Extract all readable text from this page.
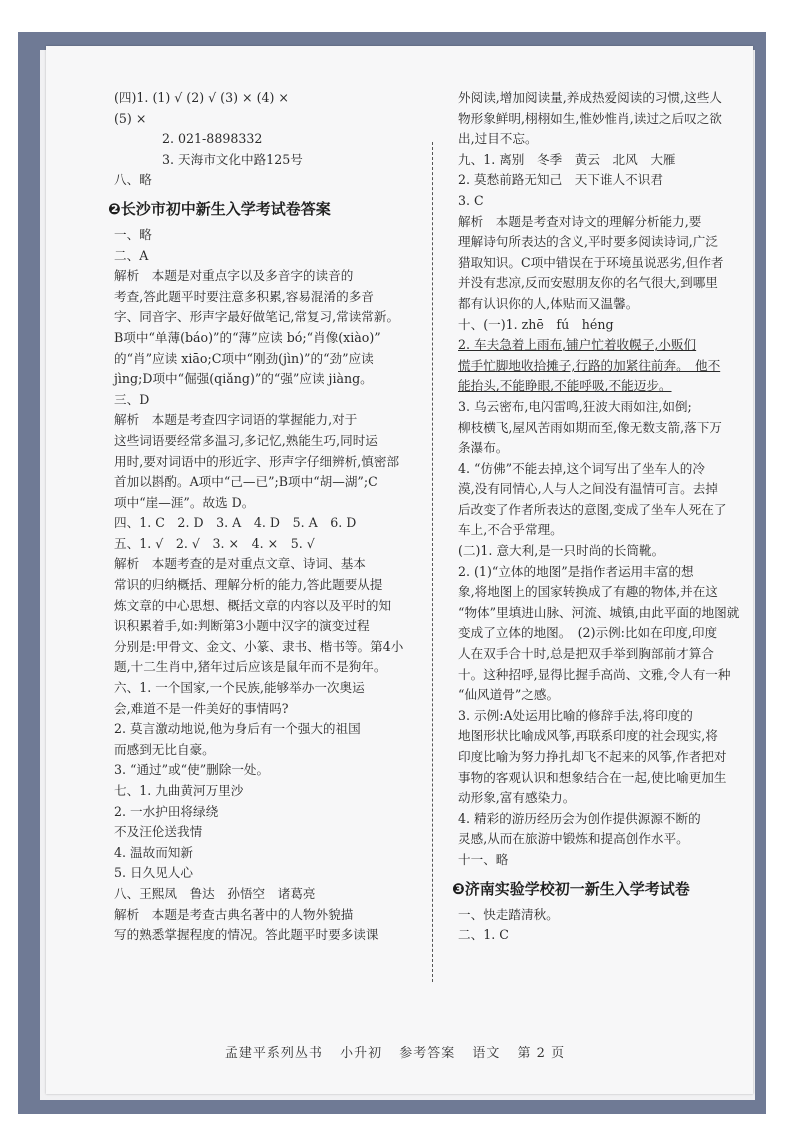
(四)1. (1) √ (2) √ (3) × (4) ×

(5) ×

2. 021-8898332

3. 天海市文化中路125号

八、略

❷长沙市初中新生入学考试卷答案

一、略

二、A

解析　本题是对重点字以及多音字的读音的

考查,答此题平时要注意多积累,容易混淆的多音

字、同音字、形声字最好做笔记,常复习,常读常新。

B项中“单薄(báo)”的“薄”应读 bó;“肖像(xiào)”

的“肖”应读 xiāo;C项中“刚劲(jìn)”的“劲”应读

jìng;D项中“倔强(qiǎng)”的“强”应读 jiàng。

三、D

解析　本题是考查四字词语的掌握能力,对于

这些词语要经常多温习,多记忆,熟能生巧,同时运

用时,要对词语中的形近字、形声字仔细辨析,慎密部

首加以斟酌。A项中“己—已”;B项中“胡—湖”;C

项中“崖—涯”。故选 D。

四、1. C　2. D　3. A　4. D　5. A　6. D

五、1. √　2. √　3. ×　4. ×　5. √

解析　本题考查的是对重点文章、诗词、基本

常识的归纳概括、理解分析的能力,答此题要从提

炼文章的中心思想、概括文章的内容以及平时的知

识积累着手,如:判断第3小题中汉字的演变过程

分别是:甲骨文、金文、小篆、隶书、楷书等。第4小

题,十二生肖中,猪年过后应该是鼠年而不是狗年。

六、1. 一个国家,一个民族,能够举办一次奥运

会,难道不是一件美好的事情吗?

2. 莫言激动地说,他为身后有一个强大的祖国

而感到无比自豪。

3. “通过”或“使”删除一处。

七、1. 九曲黄河万里沙

2. 一水护田将绿绕

不及汪伦送我情

4. 温故而知新

5. 日久见人心

八、王熙凤　鲁达　孙悟空　诸葛亮

解析　本题是考查古典名著中的人物外貌描

写的熟悉掌握程度的情况。答此题平时要多读课

外阅读,增加阅读量,养成热爱阅读的习惯,这些人

物形象鲜明,栩栩如生,惟妙惟肖,读过之后叹之欲

出,过目不忘。

九、1. 离别　冬季　黄云　北风　大雁

2. 莫愁前路无知己　天下谁人不识君

3. C

解析　本题是考查对诗文的理解分析能力,要

理解诗句所表达的含义,平时要多阅读诗词,广泛

猎取知识。C项中错误在于环境虽说恶劣,但作者

并没有悲凉,反而安慰朋友你的名气很大,到哪里

都有认识你的人,体贴而又温馨。

十、(一)1. zhē　fú　héng

2. 车夫急着上雨布,铺户忙着收幌子,小贩们

慌手忙脚地收拾摊子,行路的加紧往前奔。　他不

能抬头,不能睁眼,不能呼吸,不能迈步。

3. 乌云密布,电闪雷鸣,狂波大雨如注,如倒;

柳枝横飞,屋风苦雨如期而至,像无数支箭,落下万

条瀑布。

4. “仿佛”不能去掉,这个词写出了坐车人的冷

漠,没有同情心,人与人之间没有温情可言。去掉

后改变了作者所表达的意图,变成了坐车人死在了

车上,不合乎常理。

(二)1. 意大利,是一只时尚的长筒靴。

2. (1)“立体的地图”是指作者运用丰富的想

象,将地图上的国家转换成了有趣的物体,并在这

“物体”里填进山脉、河流、城镇,由此平面的地图就

变成了立体的地图。　(2)示例:比如在印度,印度

人在双手合十时,总是把双手举到胸部前才算合

十。这种招呼,显得比握手高尚、文雅,令人有一种

“仙风道骨”之感。

3. 示例:A处运用比喻的修辞手法,将印度的

地图形状比喻成风筝,再联系印度的社会现实,将

印度比喻为努力挣扎却飞不起来的风筝,作者把对

事物的客观认识和想象结合在一起,使比喻更加生

动形象,富有感染力。

4. 精彩的游历经历会为创作提供源源不断的

灵感,从而在旅游中锻炼和提高创作水平。

十一、略

❸济南实验学校初一新生入学考试卷

一、快走踏清秋。

二、1. C

孟建平系列丛书 小升初 参考答案 语文 第 2 页
